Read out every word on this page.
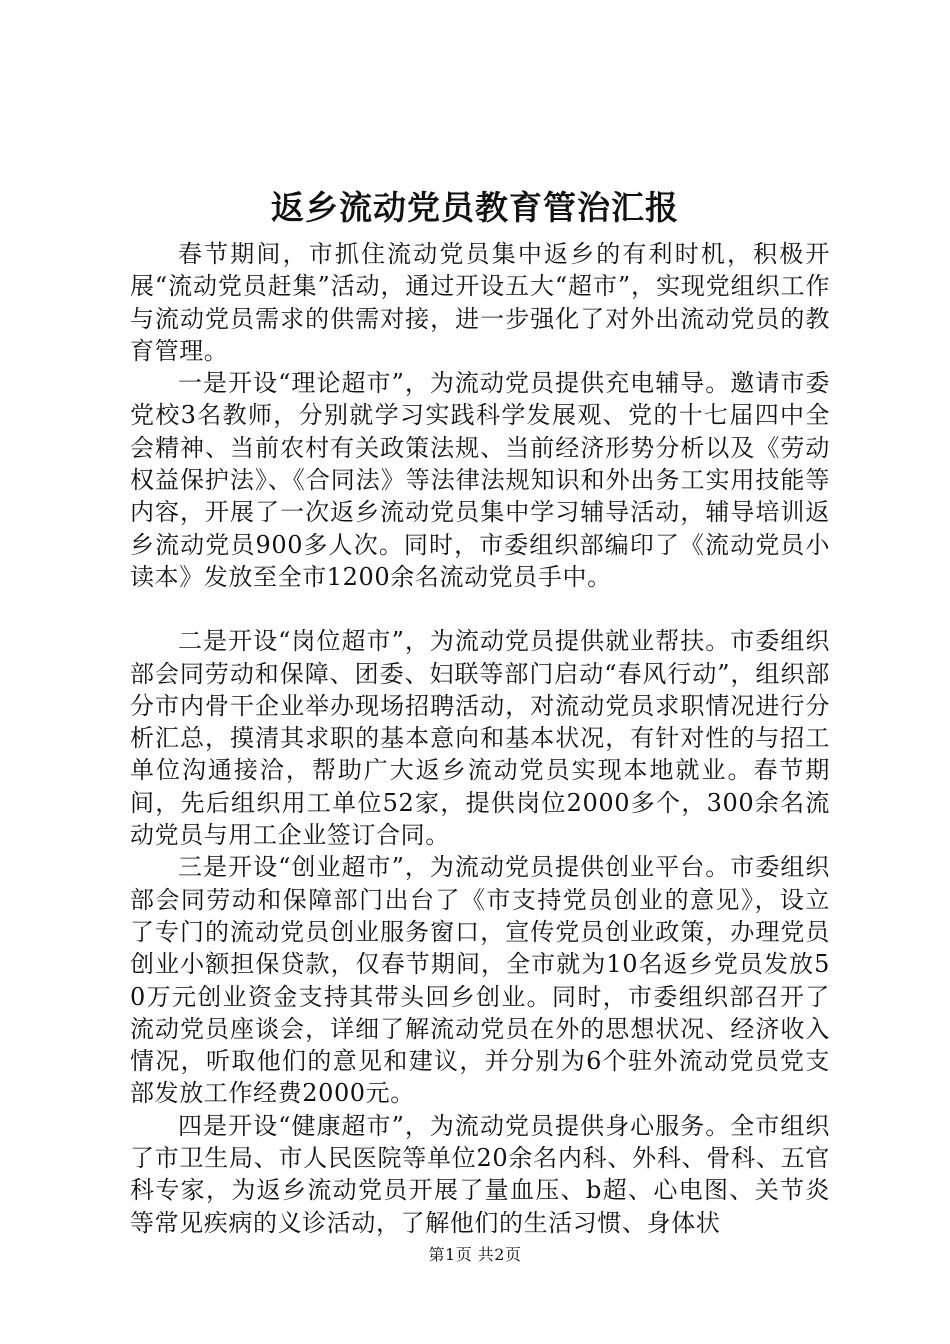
返乡流动党员教育管治汇报

春节期间，市抓住流动党员集中返乡的有利时机，积极开展“流动党员赶集”活动，通过开设五大“超市”，实现党组织工作与流动党员需求的供需对接，进一步强化了对外出流动党员的教育管理。

一是开设“理论超市”，为流动党员提供充电辅导。邀请市委党校3名教师，分别就学习实践科学发展观、党的十七届四中全会精神、当前农村有关政策法规、当前经济形势分析以及《劳动权益保护法》、《合同法》等法律法规知识和外出务工实用技能等内容，开展了一次返乡流动党员集中学习辅导活动，辅导培训返乡流动党员900多人次。同时，市委组织部编印了《流动党员小读本》发放至全市1200余名流动党员手中。

二是开设“岗位超市”，为流动党员提供就业帮扶。市委组织部会同劳动和保障、团委、妇联等部门启动“春风行动”，组织部分市内骨干企业举办现场招聘活动，对流动党员求职情况进行分析汇总，摸清其求职的基本意向和基本状况，有针对性的与招工单位沟通接洽，帮助广大返乡流动党员实现本地就业。春节期间，先后组织用工单位52家，提供岗位2000多个，300余名流动党员与用工企业签订合同。

三是开设“创业超市”，为流动党员提供创业平台。市委组织部会同劳动和保障部门出台了《市支持党员创业的意见》，设立了专门的流动党员创业服务窗口，宣传党员创业政策，办理党员创业小额担保贷款，仅春节期间，全市就为10名返乡党员发放50万元创业资金支持其带头回乡创业。同时，市委组织部召开了流动党员座谈会，详细了解流动党员在外的思想状况、经济收入情况，听取他们的意见和建议，并分别为6个驻外流动党员党支部发放工作经费2000元。

四是开设“健康超市”，为流动党员提供身心服务。全市组织了市卫生局、市人民医院等单位20余名内科、外科、骨科、五官科专家，为返乡流动党员开展了量血压、b超、心电图、关节炎等常见疾病的义诊活动，了解他们的生活习惯、身体状

第1页 共2页
